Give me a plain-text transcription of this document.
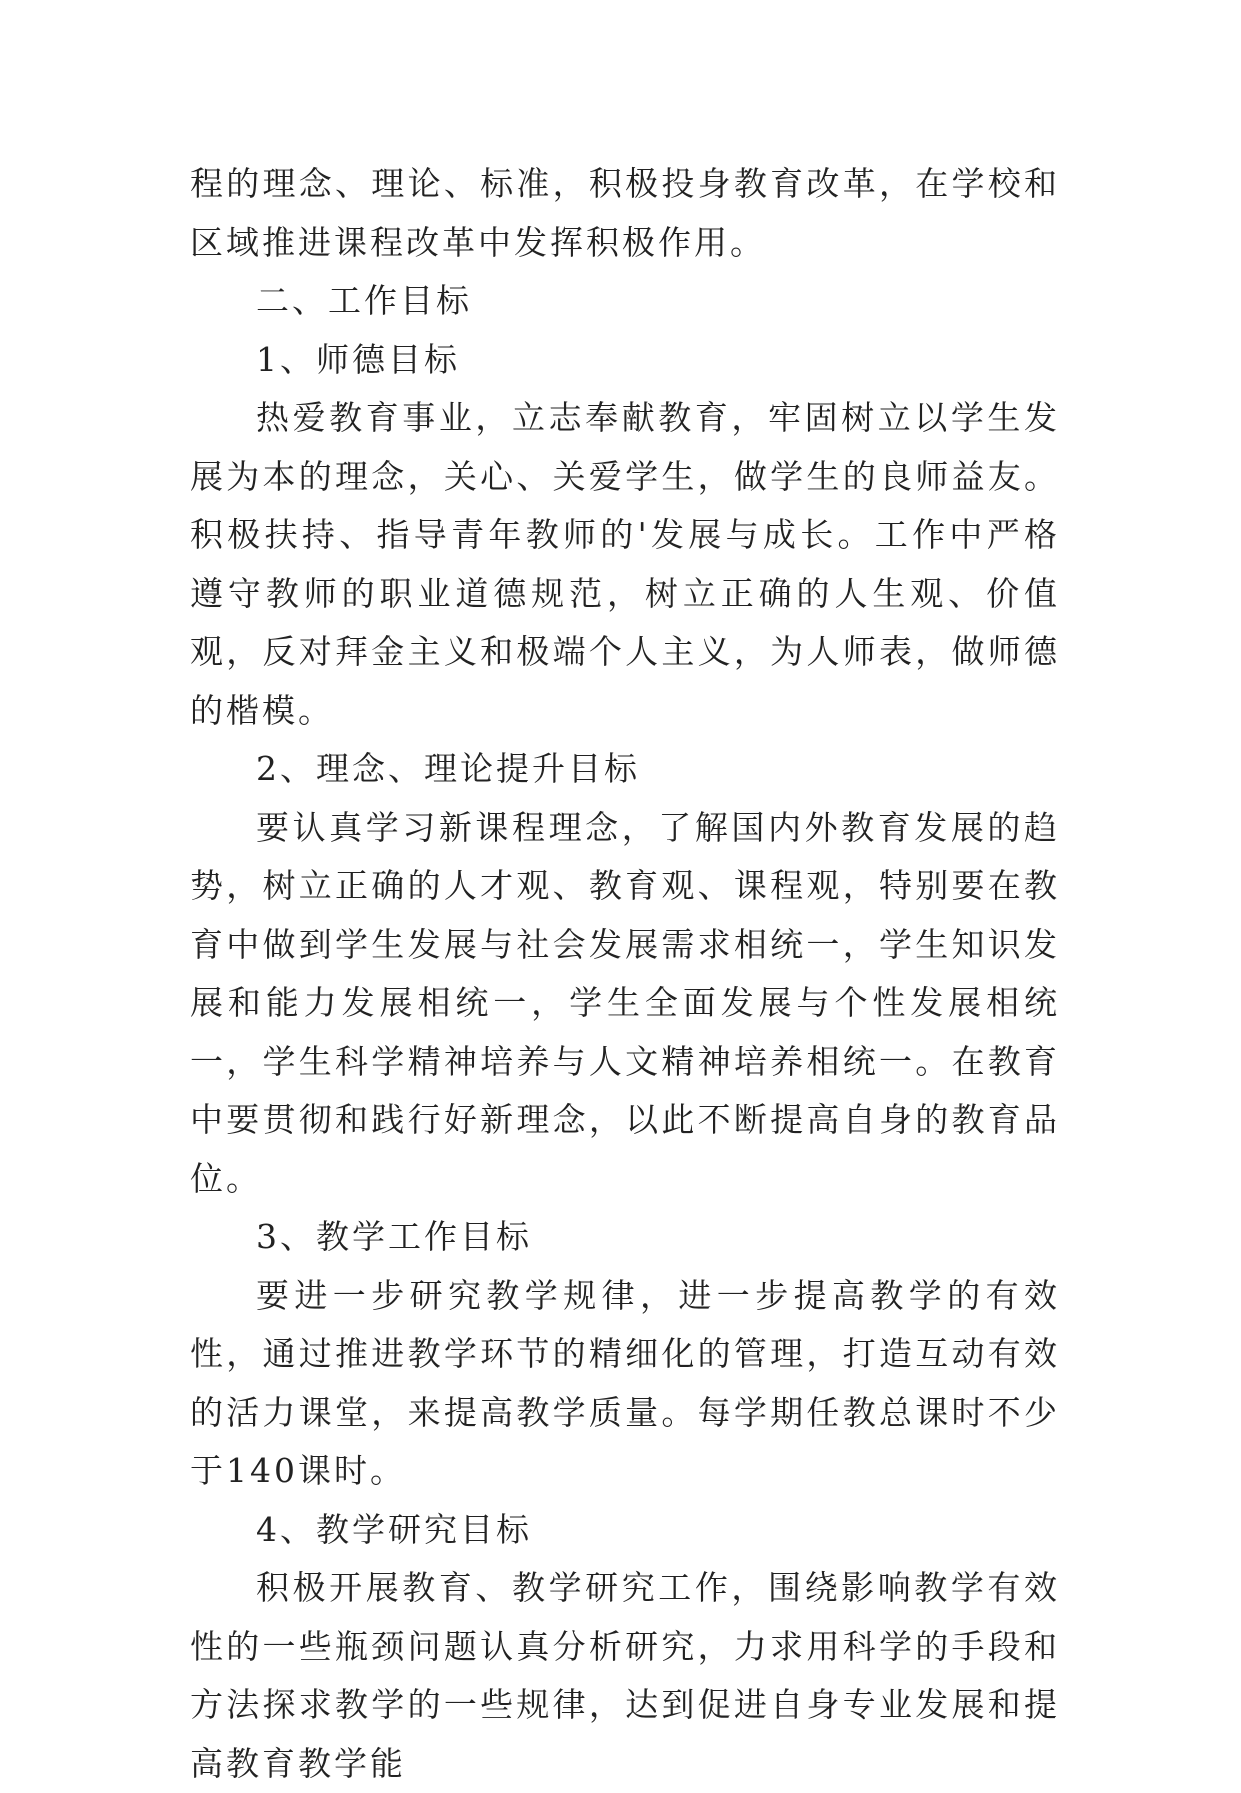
程的理念、理论、标准，积极投身教育改革，在学校和区域推进课程改革中发挥积极作用。

二、工作目标

1、师德目标

热爱教育事业，立志奉献教育，牢固树立以学生发展为本的理念，关心、关爱学生，做学生的良师益友。积极扶持、指导青年教师的'发展与成长。工作中严格遵守教师的职业道德规范，树立正确的人生观、价值观，反对拜金主义和极端个人主义，为人师表，做师德的楷模。

2、理念、理论提升目标

要认真学习新课程理念，了解国内外教育发展的趋势，树立正确的人才观、教育观、课程观，特别要在教育中做到学生发展与社会发展需求相统一，学生知识发展和能力发展相统一，学生全面发展与个性发展相统一，学生科学精神培养与人文精神培养相统一。在教育中要贯彻和践行好新理念，以此不断提高自身的教育品位。

3、教学工作目标

要进一步研究教学规律，进一步提高教学的有效性，通过推进教学环节的精细化的管理，打造互动有效的活力课堂，来提高教学质量。每学期任教总课时不少于140课时。

4、教学研究目标

积极开展教育、教学研究工作，围绕影响教学有效性的一些瓶颈问题认真分析研究，力求用科学的手段和方法探求教学的一些规律，达到促进自身专业发展和提高教育教学能
